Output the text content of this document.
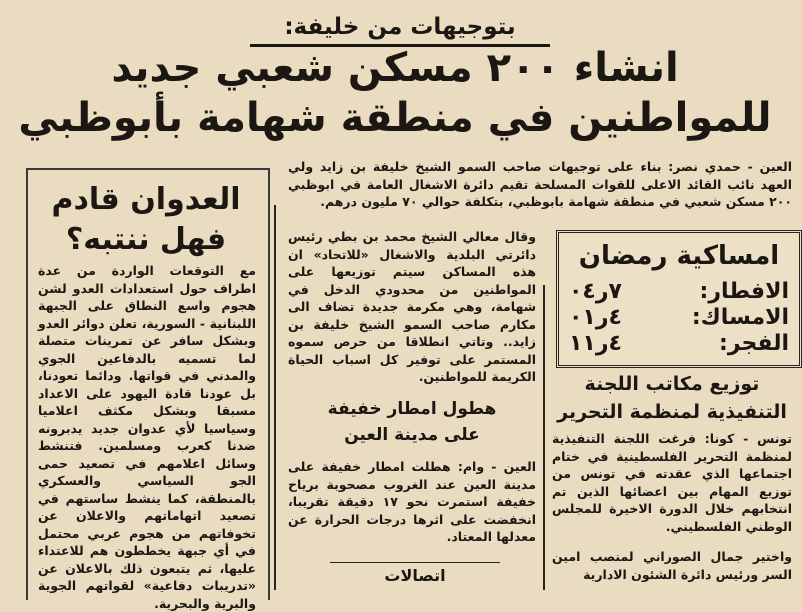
بتوجيهات من خليفة:
انشاء ٢٠٠ مسكن شعبي جديد
للمواطنين في منطقة شهامة بأبوظبي
العدوان قادم
فهل ننتبه؟
مع التوقعات الواردة من عدة اطراف حول استعدادات العدو لشن هجوم واسع النطاق على الجبهة اللبنانية - السورية، تعلن دوائر العدو وبشكل سافر عن تمرينات متصلة لما تسميه بالدفاعين الجوي والمدني في قواتها. ودائما تعودنا، بل عودنا قادة اليهود على الاعداد مسبقا وبشكل مكثف اعلاميا وسياسيا لأي عدوان جديد يدبرونه ضدنا كعرب ومسلمين. فتنشط وسائل اعلامهم في تصعيد حمى الجو السياسي والعسكري بالمنطقة، كما ينشط ساستهم في تصعيد اتهاماتهم والاعلان عن تخوفاتهم من هجوم عربي محتمل في أي جبهة يخططون هم للاعتداء عليها، ثم يتبعون ذلك بالاعلان عن «تدريبات دفاعية» لقواتهم الجوية والبرية والبحرية.
العين - حمدي نصر: بناء على توجيهات صاحب السمو الشيخ خليفة بن زايد ولي العهد نائب القائد الاعلى للقوات المسلحة تقيم دائرة الاشغال العامة في ابوظبي ٢٠٠ مسكن شعبي في منطقة شهامة بابوظبي، بتكلفة حوالي ٧٠ مليون درهم.
وقال معالي الشيخ محمد بن بطي رئيس دائرتي البلدية والاشغال «للاتحاد» ان هذه المساكن سيتم توزيعها على المواطنين من محدودي الدخل في شهامة، وهي مكرمة جديدة تضاف الى مكارم صاحب السمو الشيخ خليفة بن زايد.. وتاتي انطلاقا من حرص سموه المستمر على توفير كل اسباب الحياة الكريمة للمواطنين.
هطول امطار خفيفة
على مدينة العين
العين - وام: هطلت امطار خفيفة على مدينة العين عند الغروب مصحوبة برياح خفيفة استمرت نحو ١٧ دقيقة تقريبا، انخفضت على اثرها درجات الحرارة عن معدلها المعتاد.
اتصالات
امساكية رمضان
الافطار:
٧ر٠٤
الامساك:
٤ر٠١
الفجر:
٤ر١١
توزيع مكاتب اللجنة
التنفيذية لمنظمة التحرير
تونس - كونا: فرغت اللجنة التنفيذية لمنظمة التحرير الفلسطينية في ختام اجتماعها الذي عقدته في تونس من توزيع المهام بين اعضائها الذين تم انتخابهم خلال الدورة الاخيرة للمجلس الوطني الفلسطيني.
واختير جمال الصوراني لمنصب امين السر ورئيس دائرة الشئون الادارية
